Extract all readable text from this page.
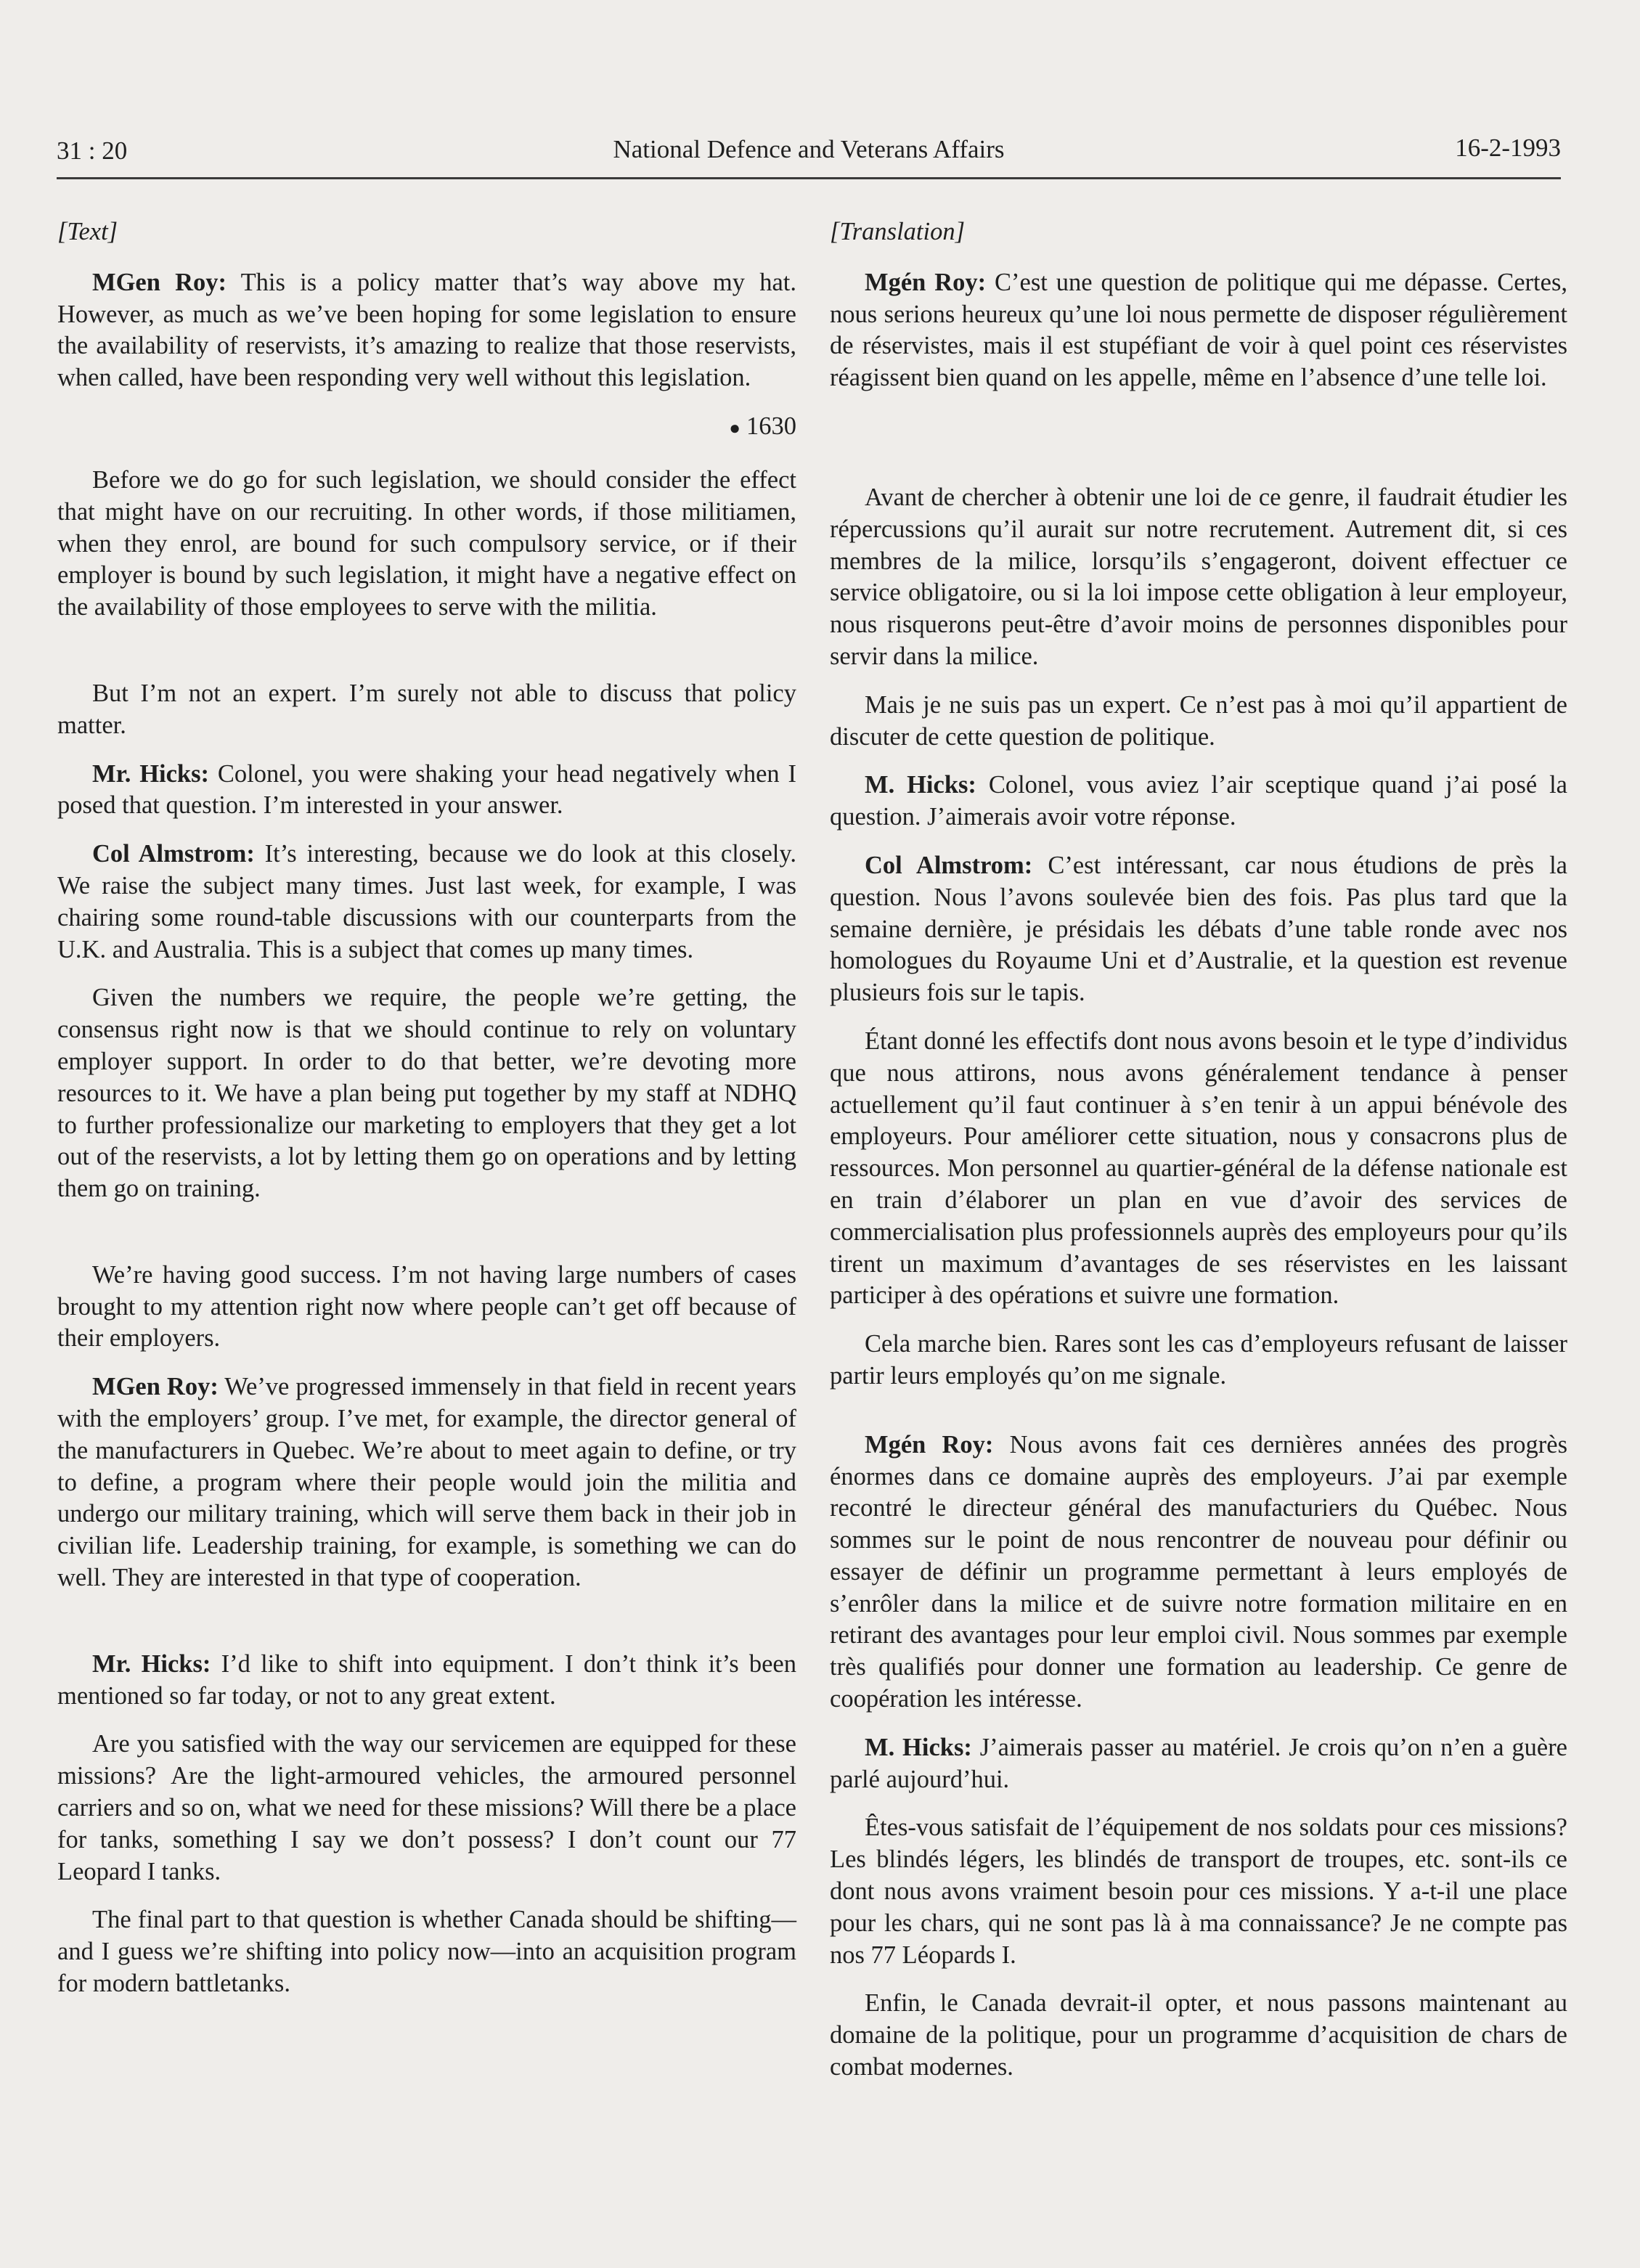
31 : 20	National Defence and Veterans Affairs	16-2-1993
[Text]

MGen Roy: This is a policy matter that’s way above my hat. However, as much as we’ve been hoping for some legislation to ensure the availability of reservists, it’s amazing to realize that those reservists, when called, have been responding very well without this legislation.

● 1630

Before we do go for such legislation, we should consider the effect that might have on our recruiting. In other words, if those militiamen, when they enrol, are bound for such compulsory service, or if their employer is bound by such legislation, it might have a negative effect on the availability of those employees to serve with the militia.

But I’m not an expert. I’m surely not able to discuss that policy matter.

Mr. Hicks: Colonel, you were shaking your head negatively when I posed that question. I’m interested in your answer.

Col Almstrom: It’s interesting, because we do look at this closely. We raise the subject many times. Just last week, for example, I was chairing some round-table discussions with our counterparts from the U.K. and Australia. This is a subject that comes up many times.

Given the numbers we require, the people we’re getting, the consensus right now is that we should continue to rely on voluntary employer support. In order to do that better, we’re devoting more resources to it. We have a plan being put together by my staff at NDHQ to further professionalize our marketing to employers that they get a lot out of the reservists, a lot by letting them go on operations and by letting them go on training.

We’re having good success. I’m not having large numbers of cases brought to my attention right now where people can’t get off because of their employers.

MGen Roy: We’ve progressed immensely in that field in recent years with the employers’ group. I’ve met, for example, the director general of the manufacturers in Quebec. We’re about to meet again to define, or try to define, a program where their people would join the militia and undergo our military training, which will serve them back in their job in civilian life. Leadership training, for example, is something we can do well. They are interested in that type of cooperation.

Mr. Hicks: I’d like to shift into equipment. I don’t think it’s been mentioned so far today, or not to any great extent.

Are you satisfied with the way our servicemen are equipped for these missions? Are the light-armoured vehicles, the armoured personnel carriers and so on, what we need for these missions? Will there be a place for tanks, something I say we don’t possess? I don’t count our 77 Leopard I tanks.

The final part to that question is whether Canada should be shifting—and I guess we’re shifting into policy now—into an acquisition program for modern battletanks.

[Translation]

Mgén Roy: C’est une question de politique qui me dépasse. Certes, nous serions heureux qu’une loi nous permette de disposer régulièrement de réservistes, mais il est stupéfiant de voir à quel point ces réservistes réagissent bien quand on les appelle, même en l’absence d’une telle loi.

Avant de chercher à obtenir une loi de ce genre, il faudrait étudier les répercussions qu’il aurait sur notre recrutement. Autrement dit, si ces membres de la milice, lorsqu’ils s’engageront, doivent effectuer ce service obligatoire, ou si la loi impose cette obligation à leur employeur, nous risquerons peut-être d’avoir moins de personnes disponibles pour servir dans la milice.

Mais je ne suis pas un expert. Ce n’est pas à moi qu’il appartient de discuter de cette question de politique.

M. Hicks: Colonel, vous aviez l’air sceptique quand j’ai posé la question. J’aimerais avoir votre réponse.

Col Almstrom: C’est intéressant, car nous étudions de près la question. Nous l’avons soulevée bien des fois. Pas plus tard que la semaine dernière, je présidais les débats d’une table ronde avec nos homologues du Royaume Uni et d’Australie, et la question est revenue plusieurs fois sur le tapis.

Étant donné les effectifs dont nous avons besoin et le type d’individus que nous attirons, nous avons généralement tendance à penser actuellement qu’il faut continuer à s’en tenir à un appui bénévole des employeurs. Pour améliorer cette situation, nous y consacrons plus de ressources. Mon personnel au quartier-général de la défense nationale est en train d’élaborer un plan en vue d’avoir des services de commercialisation plus professionnels auprès des employeurs pour qu’ils tirent un maximum d’avantages de ses réservistes en les laissant participer à des opérations et suivre une formation.

Cela marche bien. Rares sont les cas d’employeurs refusant de laisser partir leurs employés qu’on me signale.

Mgén Roy: Nous avons fait ces dernières années des progrès énormes dans ce domaine auprès des employeurs. J’ai par exemple recontré le directeur général des manufacturiers du Québec. Nous sommes sur le point de nous rencontrer de nouveau pour définir ou essayer de définir un programme permettant à leurs employés de s’enrôler dans la milice et de suivre notre formation militaire en en retirant des avantages pour leur emploi civil. Nous sommes par exemple très qualifiés pour donner une formation au leadership. Ce genre de coopération les intéresse.

M. Hicks: J’aimerais passer au matériel. Je crois qu’on n’en a guère parlé aujourd’hui.

Êtes-vous satisfait de l’équipement de nos soldats pour ces missions? Les blindés légers, les blindés de transport de troupes, etc. sont-ils ce dont nous avons vraiment besoin pour ces missions. Y a-t-il une place pour les chars, qui ne sont pas là à ma connaissance? Je ne compte pas nos 77 Léopards I.

Enfin, le Canada devrait-il opter, et nous passons maintenant au domaine de la politique, pour un programme d’acquisition de chars de combat modernes.
